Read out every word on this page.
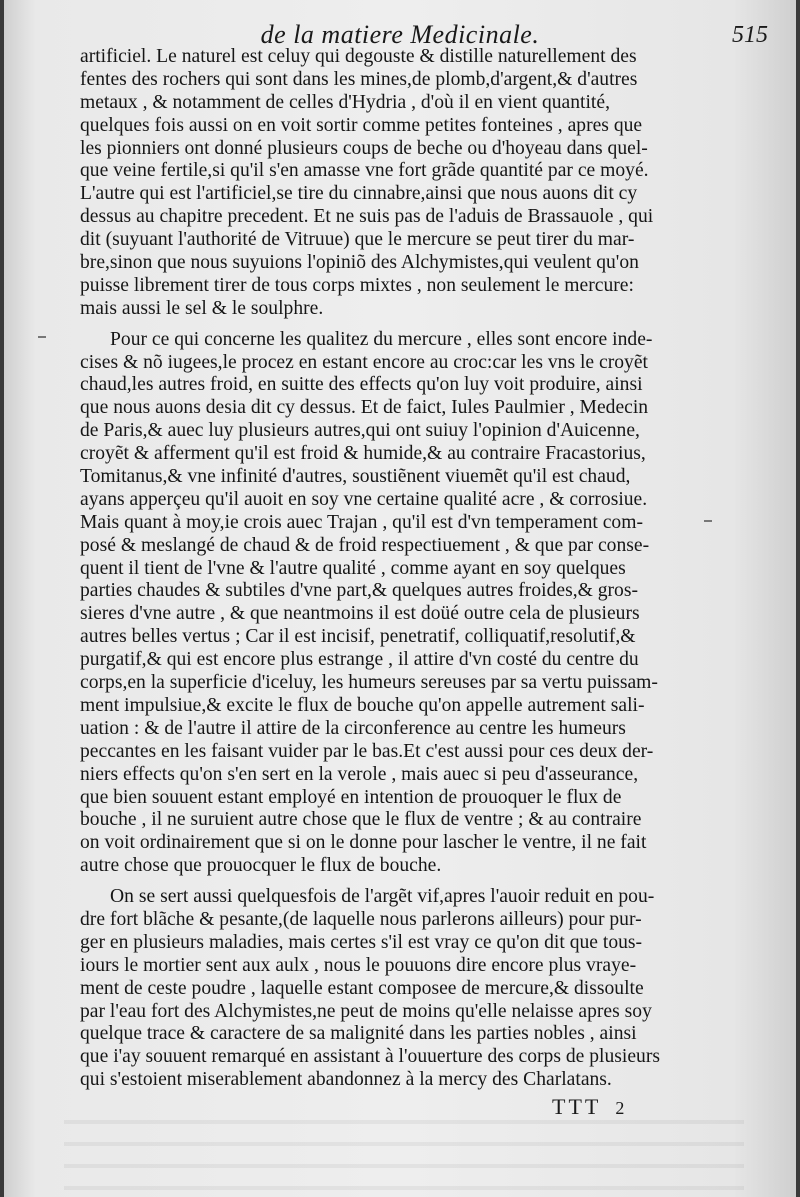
de la matiere Medicinale.	515
artificiel. Le naturel est celuy qui degouste & distille naturellement des
fentes des rochers qui sont dans les mines,de plomb,d'argent,& d'autres
metaux , & notamment de celles d'Hydria , d'où il en vient quantité,
quelques fois aussi on en voit sortir comme petites fonteines , apres que
les pionniers ont donné plusieurs coups de beche ou d'hoyeau dans quel-
que veine fertile,si qu'il s'en amasse vne fort grãde quantité par ce moyé.
L'autre qui est l'artificiel,se tire du cinnabre,ainsi que nous auons dit cy
dessus au chapitre precedent. Et ne suis pas de l'aduis de Brassauole , qui
dit (suyuant l'authorité de Vitruue) que le mercure se peut tirer du mar-
bre,sinon que nous suyuions l'opiniõ des Alchymistes,qui veulent qu'on
puisse librement tirer de tous corps mixtes , non seulement le mercure:
mais aussi le sel & le soulphre.
Pour ce qui concerne les qualitez du mercure , elles sont encore inde-
cises & nõ iugees,le procez en estant encore au croc:car les vns le croyẽt
chaud,les autres froid, en suitte des effects qu'on luy voit produire, ainsi
que nous auons desia dit cy dessus. Et de faict, Iules Paulmier , Medecin
de Paris,& auec luy plusieurs autres,qui ont suiuy l'opinion d'Auicenne,
croyẽt & afferment qu'il est froid & humide,& au contraire Fracastorius,
Tomitanus,& vne infinité d'autres, soustiẽnent viuemẽt qu'il est chaud,
ayans apperçeu qu'il auoit en soy vne certaine qualité acre , & corrosiue.
Mais quant à moy,ie crois auec Trajan , qu'il est d'vn temperament com-
posé & meslangé de chaud & de froid respectiuement , & que par conse-
quent il tient de l'vne & l'autre qualité , comme ayant en soy quelques
parties chaudes & subtiles d'vne part,& quelques autres froides,& gros-
sieres d'vne autre , & que neantmoins il est doüé outre cela de plusieurs
autres belles vertus ; Car il est incisif, penetratif, colliquatif,resolutif,&
purgatif,& qui est encore plus estrange , il attire d'vn costé du centre du
corps,en la superficie d'iceluy, les humeurs sereuses par sa vertu puissam-
ment impulsiue,& excite le flux de bouche qu'on appelle autrement sali-
uation : & de l'autre il attire de la circonference au centre les humeurs
peccantes en les faisant vuider par le bas.Et c'est aussi pour ces deux der-
niers effects qu'on s'en sert en la verole , mais auec si peu d'asseurance,
que bien souuent estant employé en intention de prouoquer le flux de
bouche , il ne suruient autre chose que le flux de ventre ; & au contraire
on voit ordinairement que si on le donne pour lascher le ventre, il ne fait
autre chose que prouocquer le flux de bouche.
On se sert aussi quelquesfois de l'argẽt vif,apres l'auoir reduit en pou-
dre fort blãche & pesante,(de laquelle nous parlerons ailleurs) pour pur-
ger en plusieurs maladies, mais certes s'il est vray ce qu'on dit que tous-
iours le mortier sent aux aulx , nous le pouuons dire encore plus vraye-
ment de ceste poudre , laquelle estant composee de mercure,& dissoulte
par l'eau fort des Alchymistes,ne peut de moins qu'elle nelaisse apres soy
quelque trace & caractere de sa malignité dans les parties nobles , ainsi
que i'ay souuent remarqué en assistant à l'ouuerture des corps de plusieurs
qui s'estoient miserablement abandonnez à la mercy des Charlatans.
TTT 2
